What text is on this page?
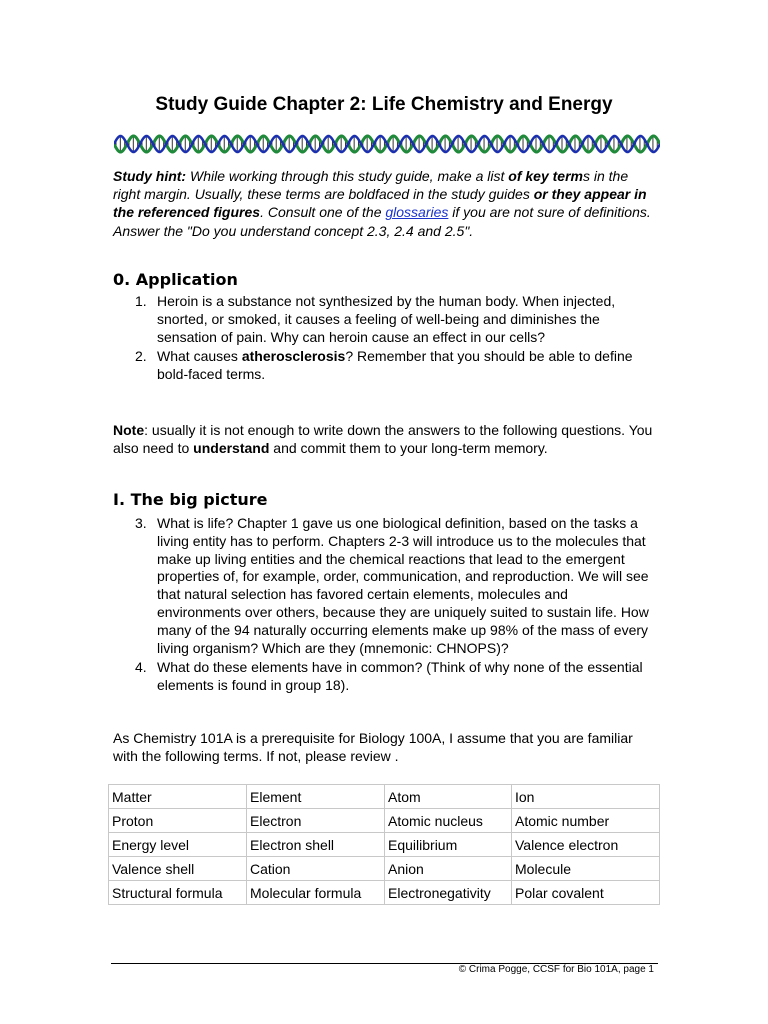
Study Guide Chapter 2: Life Chemistry and Energy

Study hint: While working through this study guide, make a list of key terms in the right margin. Usually, these terms are boldfaced in the study guides or they appear in the referenced figures. Consult one of the glossaries if you are not sure of definitions.
Answer the "Do you understand concept 2.3, 2.4 and 2.5".

0. Application
1. Heroin is a substance not synthesized by the human body. When injected, snorted, or smoked, it causes a feeling of well-being and diminishes the sensation of pain. Why can heroin cause an effect in our cells?
2. What causes atherosclerosis? Remember that you should be able to define bold-faced terms.

Note: usually it is not enough to write down the answers to the following questions. You also need to understand and commit them to your long-term memory.

I. The big picture
3. What is life? Chapter 1 gave us one biological definition, based on the tasks a living entity has to perform. Chapters 2-3 will introduce us to the molecules that make up living entities and the chemical reactions that lead to the emergent properties of, for example, order, communication, and reproduction. We will see that natural selection has favored certain elements, molecules and environments over others, because they are uniquely suited to sustain life. How many of the 94 naturally occurring elements make up 98% of the mass of every living organism? Which are they (mnemonic: CHNOPS)?
4. What do these elements have in common? (Think of why none of the essential elements is found in group 18).

As Chemistry 101A is a prerequisite for Biology 100A, I assume that you are familiar with the following terms. If not, please review .

Matter	Element	Atom	Ion
Proton	Electron	Atomic nucleus	Atomic number
Energy level	Electron shell	Equilibrium	Valence electron
Valence shell	Cation	Anion	Molecule
Structural formula	Molecular formula	Electronegativity	Polar covalent
© Crima Pogge, CCSF for Bio 101A, page 1
